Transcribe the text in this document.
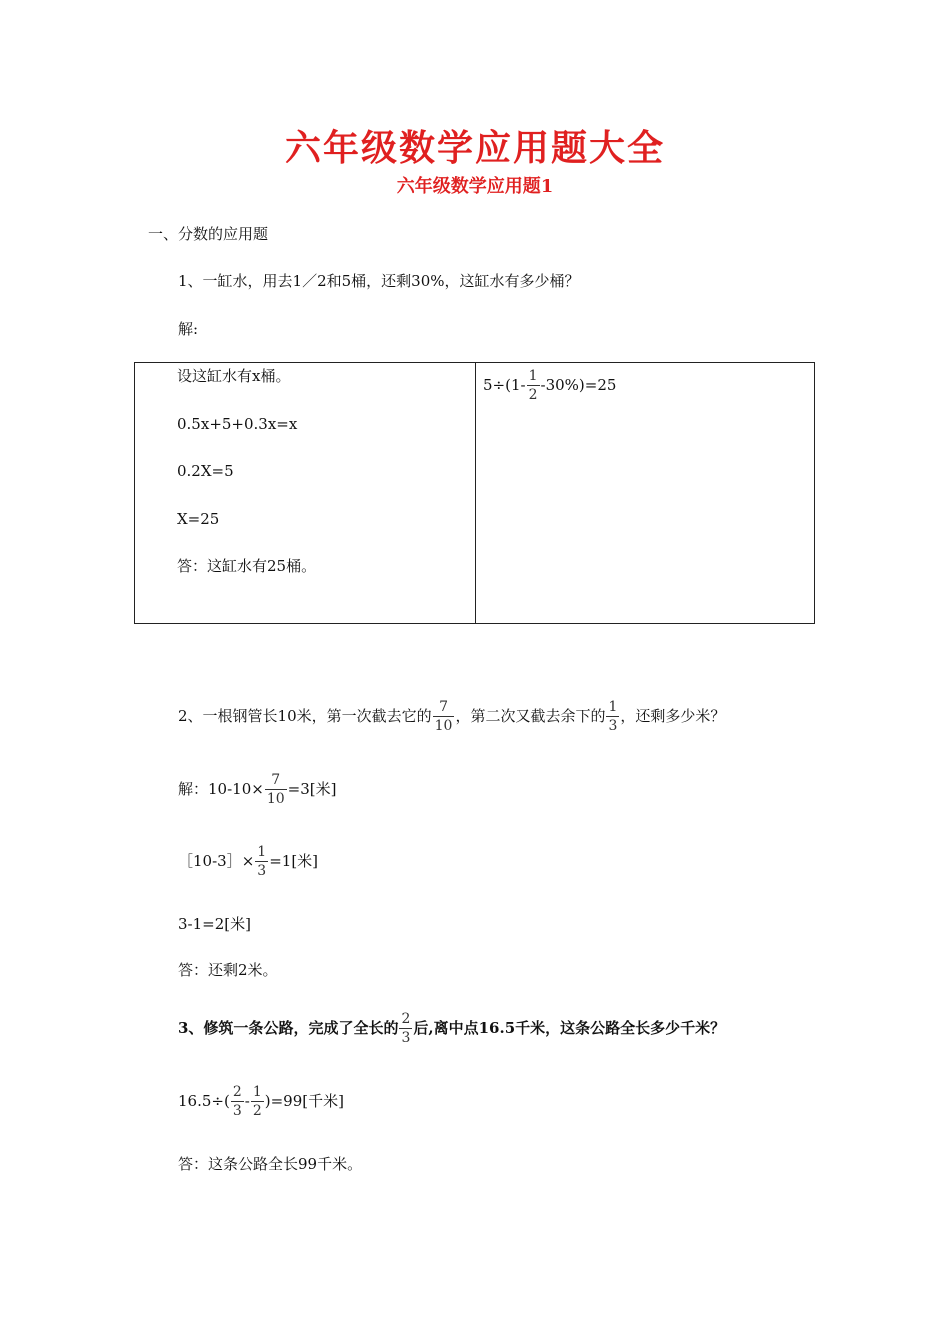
六年级数学应用题大全
六年级数学应用题1
一、分数的应用题
1、一缸水，用去1／2和5桶，还剩30%，这缸水有多少桶？
解:
设这缸水有x桶。
0.5x+5+0.3x=x
0.2X=5
X=25
答：这缸水有25桶。
$5\div(1- \frac{1}{2} -30\%)=25$
2、一根钢管长10米，第一次截去它的 $\frac{7}{10}$ ，第二次又截去余下的 $\frac{1}{3}$ ，还剩多少米？
解：$10-10\times \frac{7}{10} =3$[米]
［10-3］× $\frac{1}{3} =1$[米]
3-1=2[米]
答：还剩2米。
3、修筑一条公路，完成了全长的 $\frac{2}{3}$ 后,离中点16.5千米，这条公路全长多少千米？
$16.5\div( \frac{2}{3} - \frac{1}{2} )=99$[千米]
答：这条公路全长99千米。
